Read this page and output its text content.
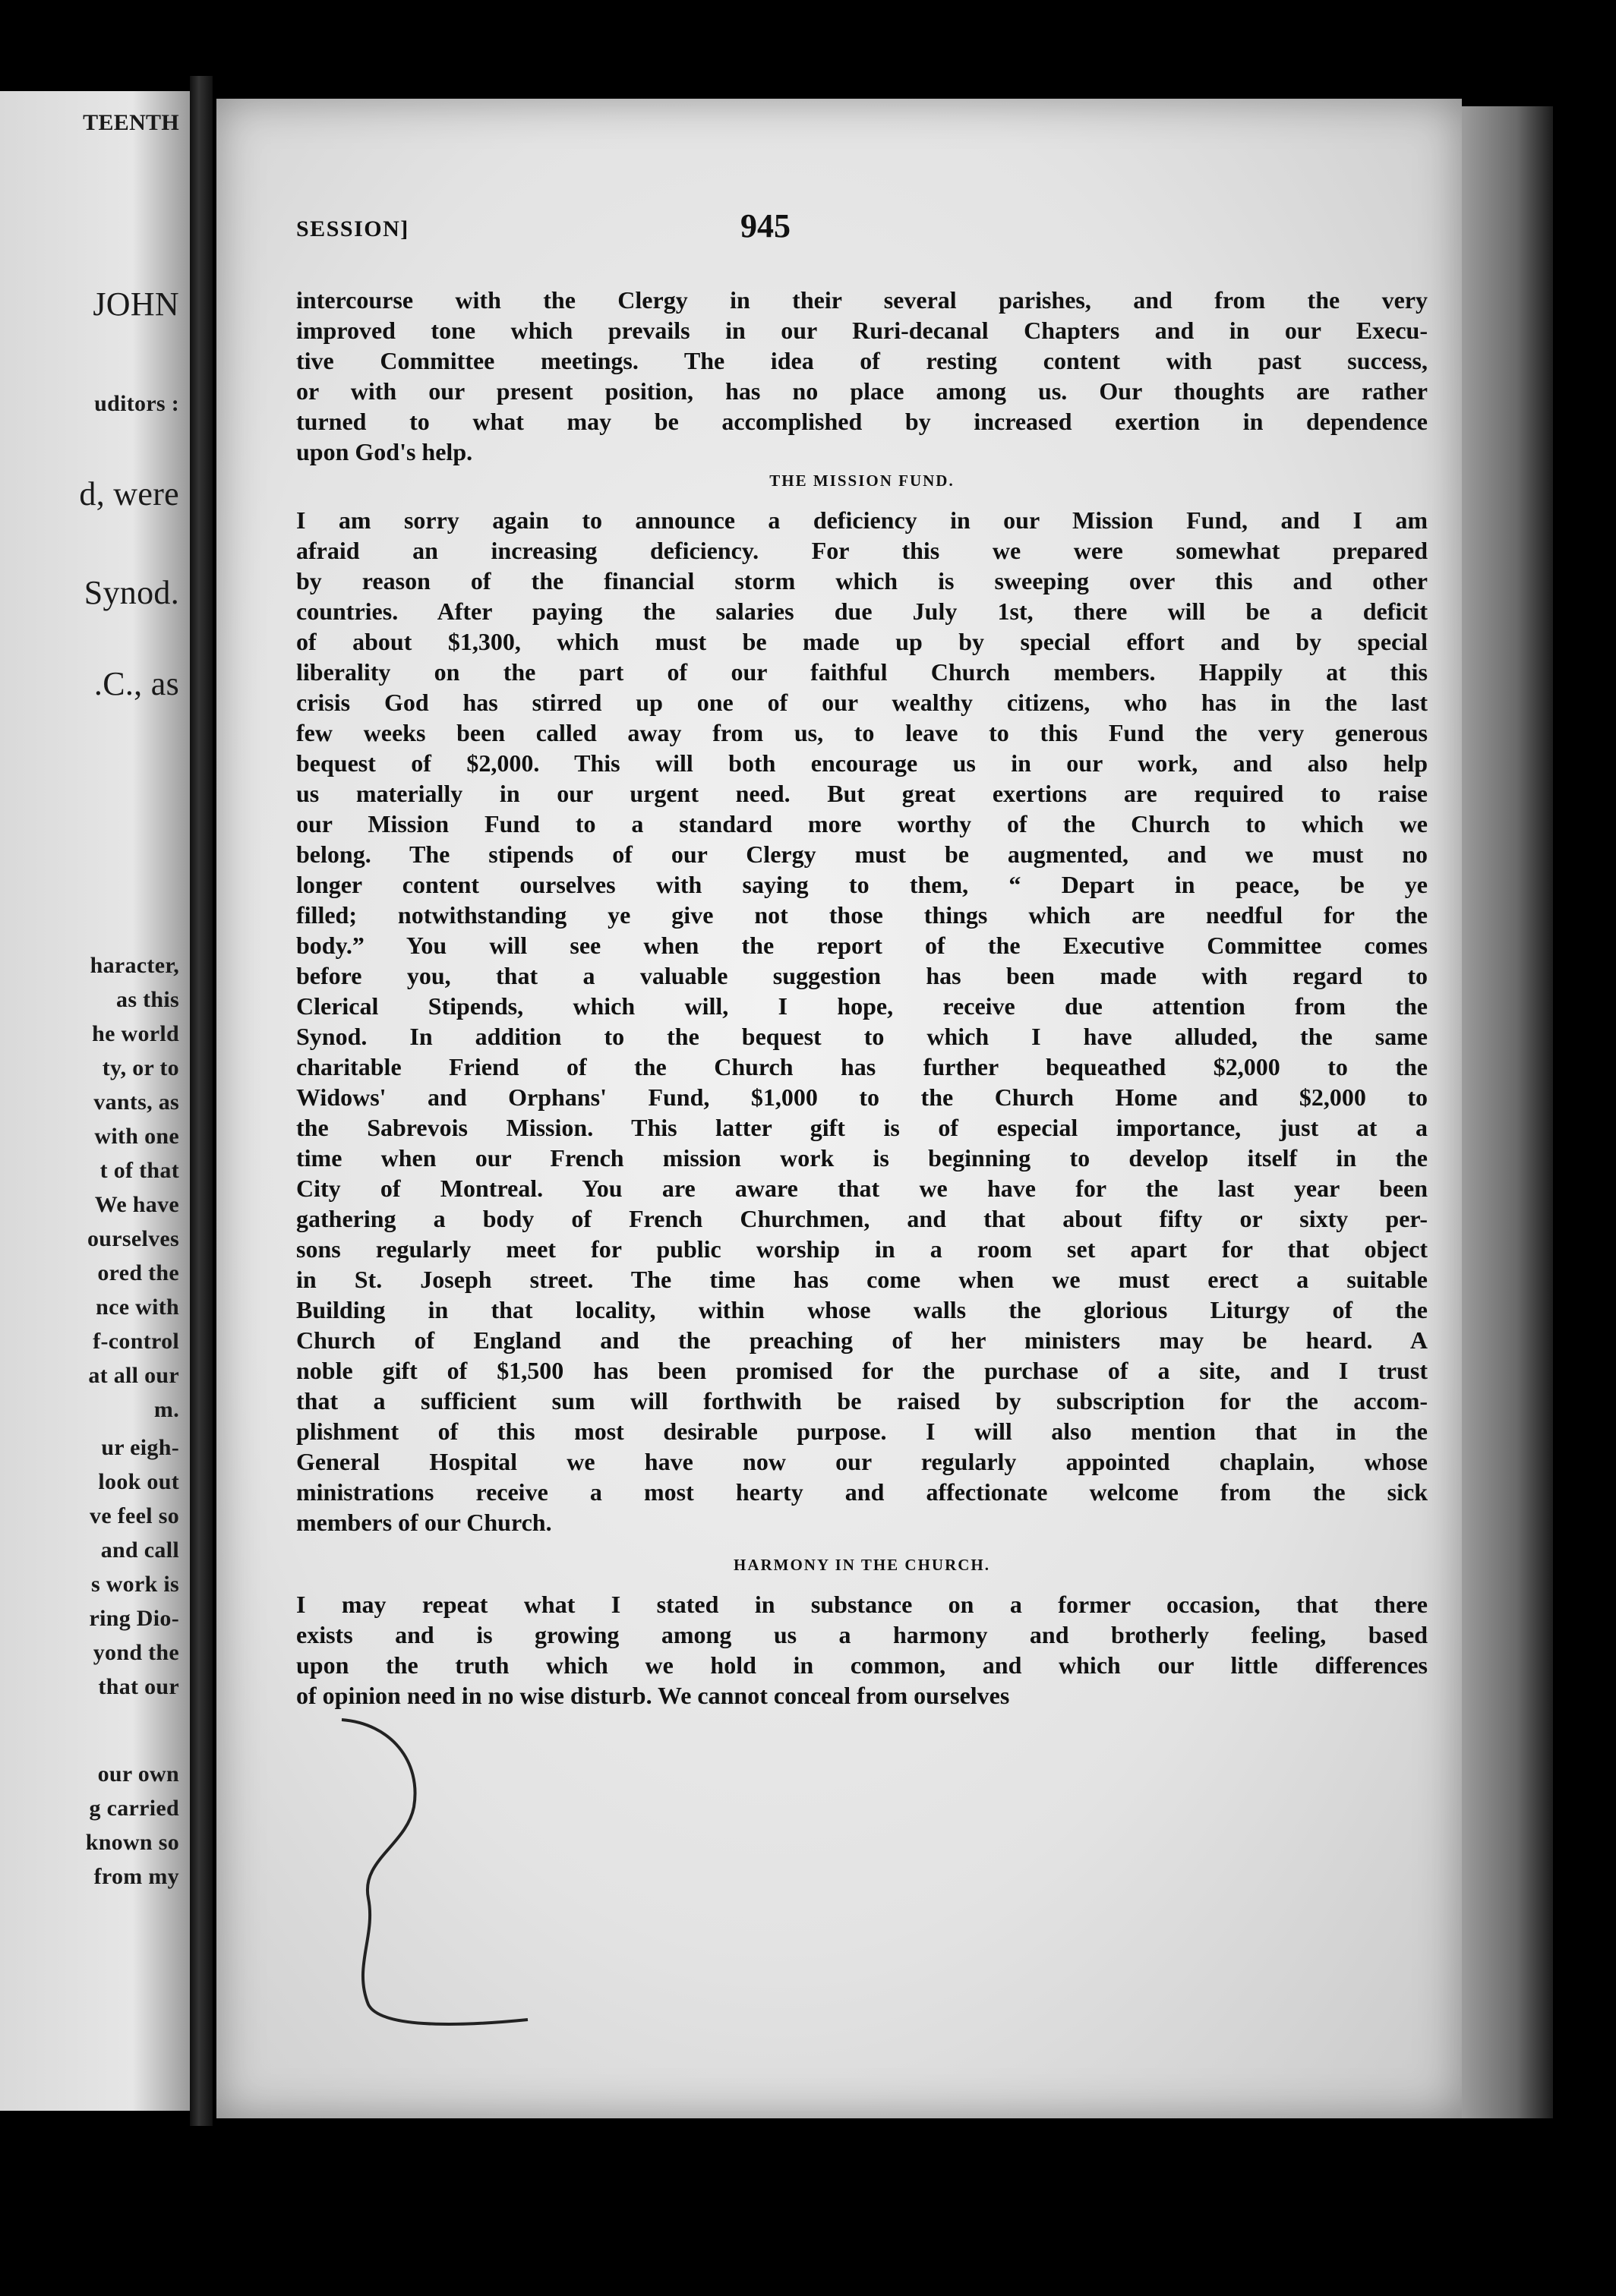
TEENTH
JOHN
uditors :
d, were
Synod.
.C., as
haracter,
as this
he world
ty, or to
vants, as
with one
t of that
We have
ourselves
ored the
nce with
f-control
at all our
m.
ur eigh-
look out
ve feel so
and call
s work is
ring Dio-
yond the
that our
our own
g carried
known so
from my
SESSION]	945
intercourse with the Clergy in their several parishes, and from the very
improved tone which prevails in our Ruri-decanal Chapters and in our Execu-
tive Committee meetings. The idea of resting content with past success,
or with our present position, has no place among us. Our thoughts are rather
turned to what may be accomplished by increased exertion in dependence
upon God's help.
THE MISSION FUND.
I am sorry again to announce a deficiency in our Mission Fund, and I am
afraid an increasing deficiency. For this we were somewhat prepared
by reason of the financial storm which is sweeping over this and other
countries. After paying the salaries due July 1st, there will be a deficit
of about $1,300, which must be made up by special effort and by special
liberality on the part of our faithful Church members. Happily at this
crisis God has stirred up one of our wealthy citizens, who has in the last
few weeks been called away from us, to leave to this Fund the very generous
bequest of $2,000. This will both encourage us in our work, and also help
us materially in our urgent need. But great exertions are required to raise
our Mission Fund to a standard more worthy of the Church to which we
belong. The stipends of our Clergy must be augmented, and we must no
longer content ourselves with saying to them, “ Depart in peace, be ye
filled; notwithstanding ye give not those things which are needful for the
body.” You will see when the report of the Executive Committee comes
before you, that a valuable suggestion has been made with regard to
Clerical Stipends, which will, I hope, receive due attention from the
Synod. In addition to the bequest to which I have alluded, the same
charitable Friend of the Church has further bequeathed $2,000 to the
Widows' and Orphans' Fund, $1,000 to the Church Home and $2,000 to
the Sabrevois Mission. This latter gift is of especial importance, just at a
time when our French mission work is beginning to develop itself in the
City of Montreal. You are aware that we have for the last year been
gathering a body of French Churchmen, and that about fifty or sixty per-
sons regularly meet for public worship in a room set apart for that object
in St. Joseph street. The time has come when we must erect a suitable
Building in that locality, within whose walls the glorious Liturgy of the
Church of England and the preaching of her ministers may be heard. A
noble gift of $1,500 has been promised for the purchase of a site, and I trust
that a sufficient sum will forthwith be raised by subscription for the accom-
plishment of this most desirable purpose. I will also mention that in the
General Hospital we have now our regularly appointed chaplain, whose
ministrations receive a most hearty and affectionate welcome from the sick
members of our Church.
HARMONY IN THE CHURCH.
I may repeat what I stated in substance on a former occasion, that there
exists and is growing among us a harmony and brotherly feeling, based
upon the truth which we hold in common, and which our little differences
of opinion need in no wise disturb. We cannot conceal from ourselves
